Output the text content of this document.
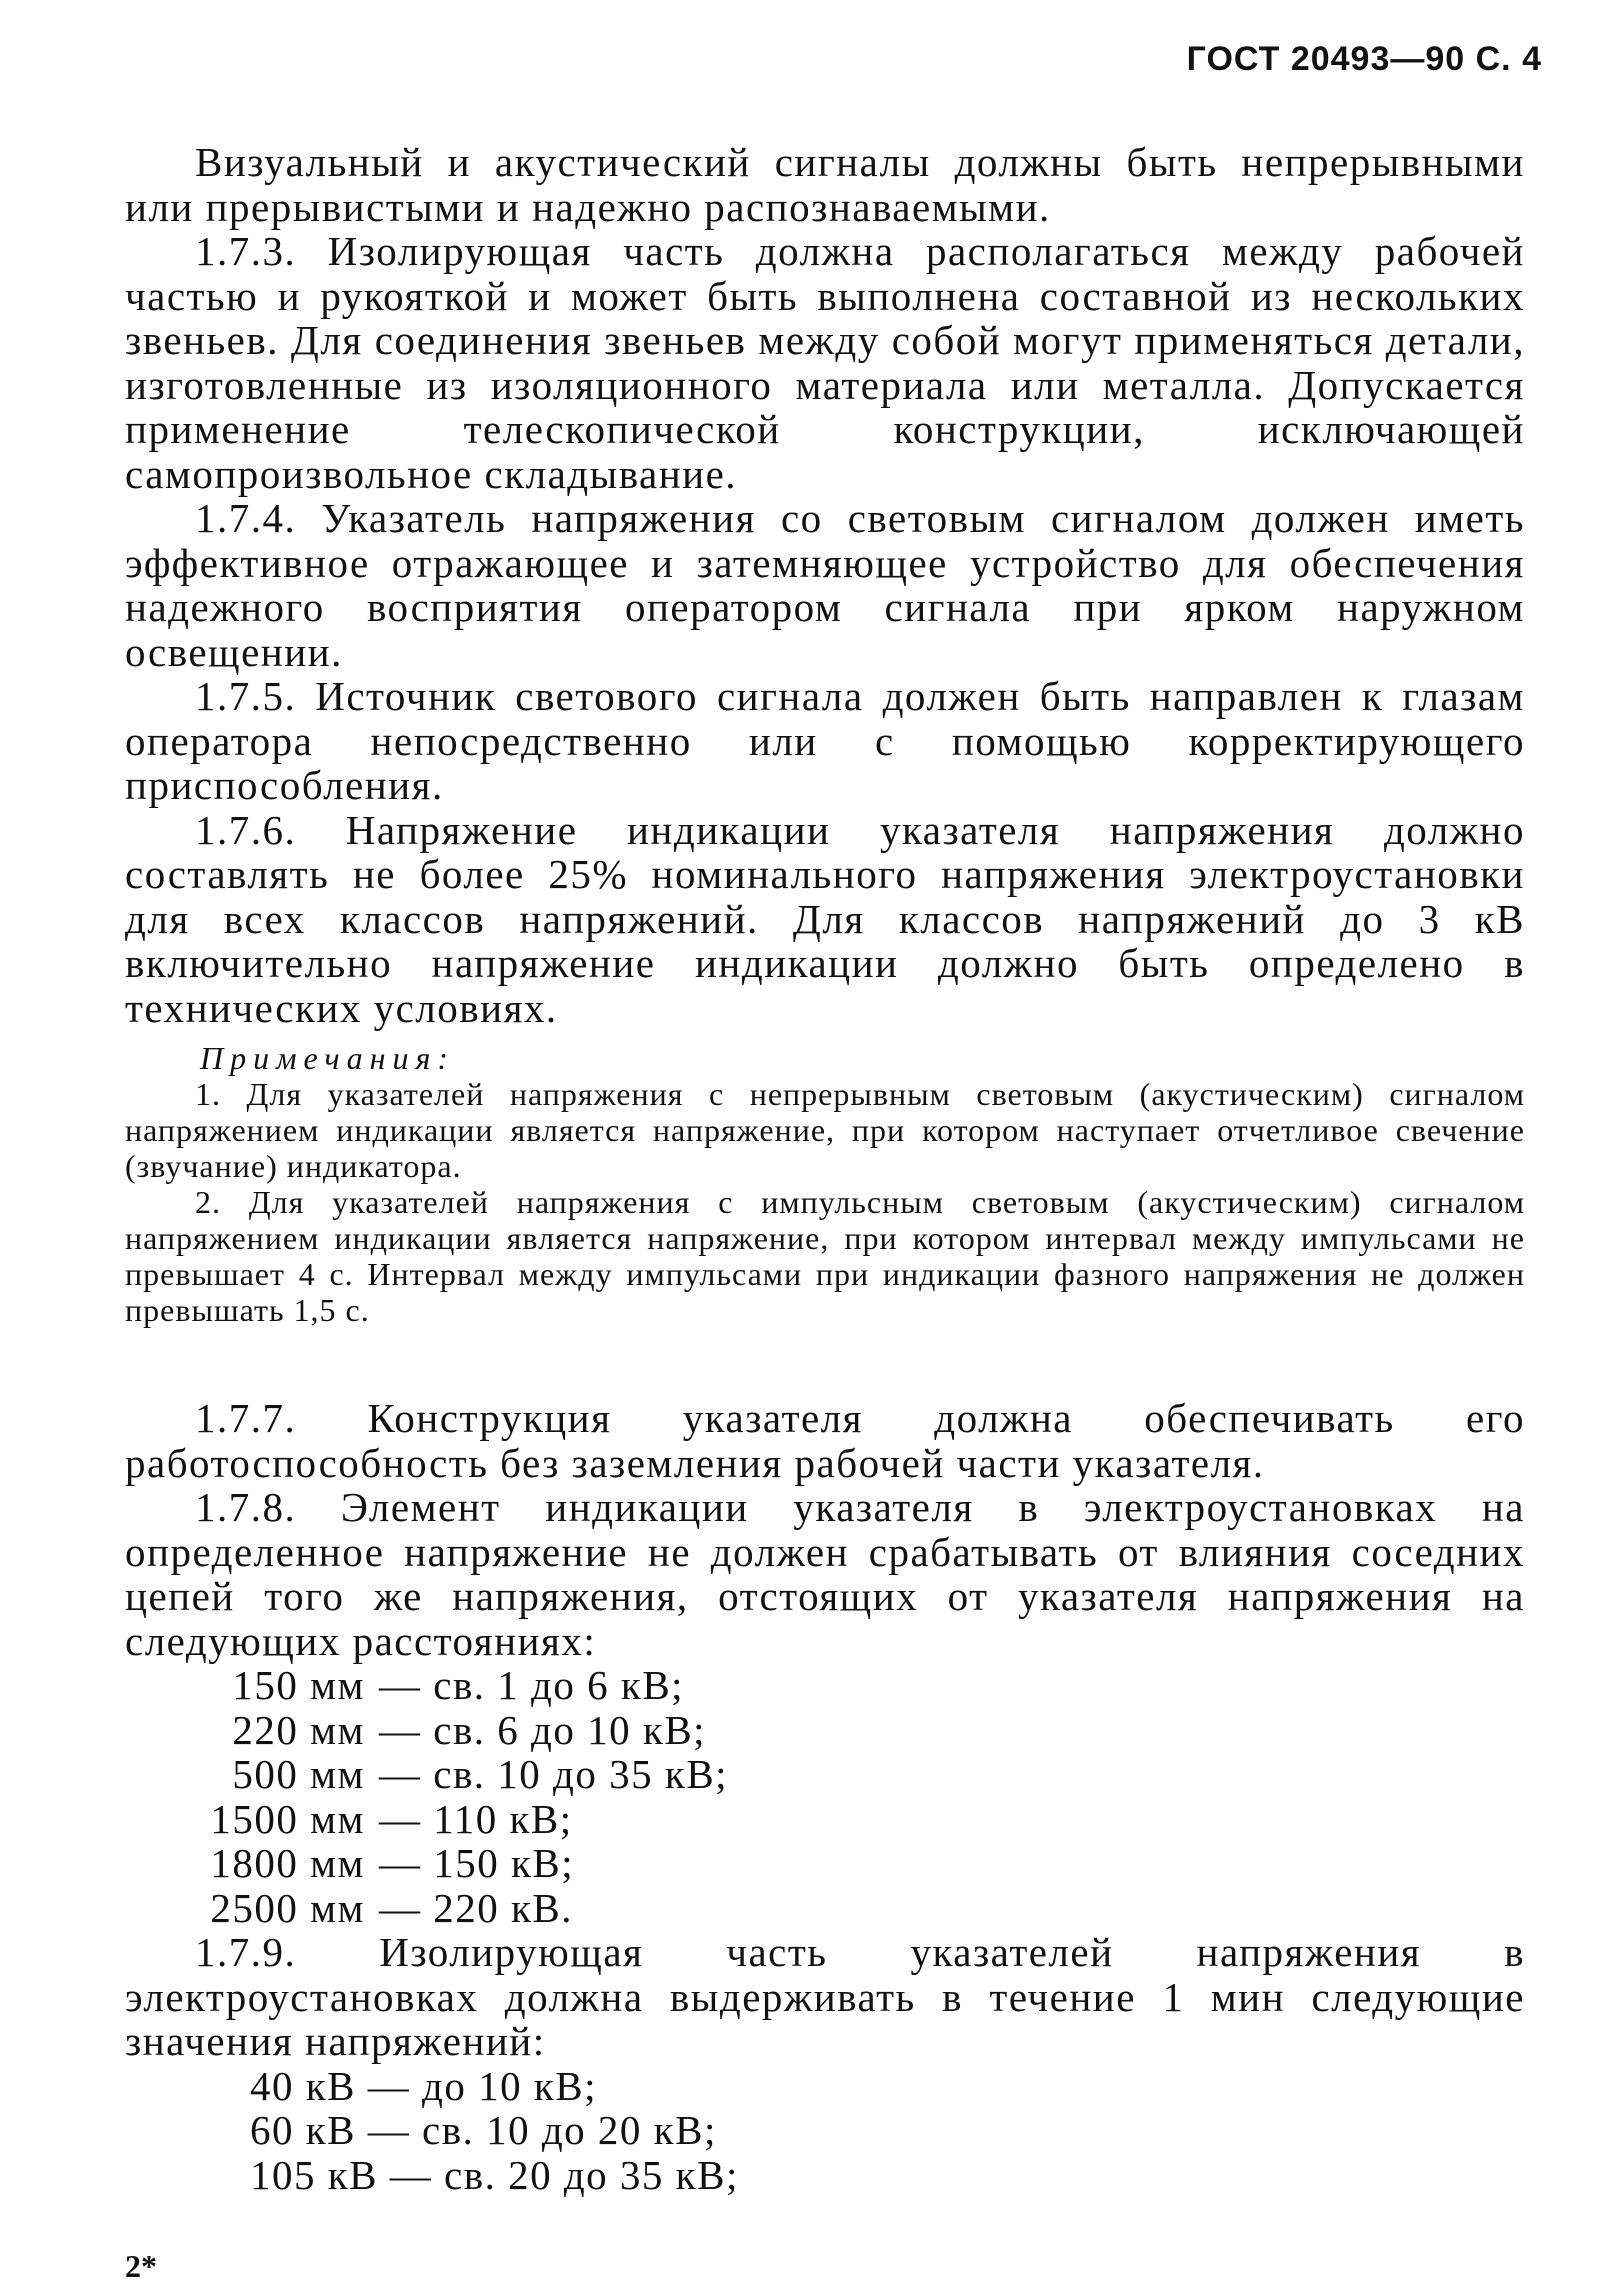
ГОСТ 20493—90 С. 4

Визуальный и акустический сигналы должны быть непрерывными или прерывистыми и надежно распознаваемыми.

1.7.3. Изолирующая часть должна располагаться между рабочей частью и рукояткой и может быть выполнена составной из нескольких звеньев. Для соединения звеньев между собой могут применяться детали, изготовленные из изоляционного материала или металла. Допускается применение телескопической конструкции, исключающей самопроизвольное складывание.

1.7.4. Указатель напряжения со световым сигналом должен иметь эффективное отражающее и затемняющее устройство для обеспечения надежного восприятия оператором сигнала при ярком наружном освещении.

1.7.5. Источник светового сигнала должен быть направлен к глазам оператора непосредственно или с помощью корректирующего приспособления.

1.7.6. Напряжение индикации указателя напряжения должно составлять не более 25% номинального напряжения электроустановки для всех классов напряжений. Для классов напряжений до 3 кВ включительно напряжение индикации должно быть определено в технических условиях.

Примечания:

1. Для указателей напряжения с непрерывным световым (акустическим) сигналом напряжением индикации является напряжение, при котором наступает отчетливое свечение (звучание) индикатора.

2. Для указателей напряжения с импульсным световым (акустическим) сигналом напряжением индикации является напряжение, при котором интервал между импульсами не превышает 4 с. Интервал между импульсами при индикации фазного напряжения не должен превышать 1,5 с.

1.7.7. Конструкция указателя должна обеспечивать его работоспособность без заземления рабочей части указателя.

1.7.8. Элемент индикации указателя в электроустановках на определенное напряжение не должен срабатывать от влияния соседних цепей того же напряжения, отстоящих от указателя напряжения на следующих расстояниях:

150 мм — св. 1 до 6 кВ;
220 мм — св. 6 до 10 кВ;
500 мм — св. 10 до 35 кВ;
1500 мм — 110 кВ;
1800 мм — 150 кВ;
2500 мм — 220 кВ.

1.7.9. Изолирующая часть указателей напряжения в электроустановках должна выдерживать в течение 1 мин следующие значения напряжений:

40 кВ — до 10 кВ;
60 кВ — св. 10 до 20 кВ;
105 кВ — св. 20 до 35 кВ;
2*
